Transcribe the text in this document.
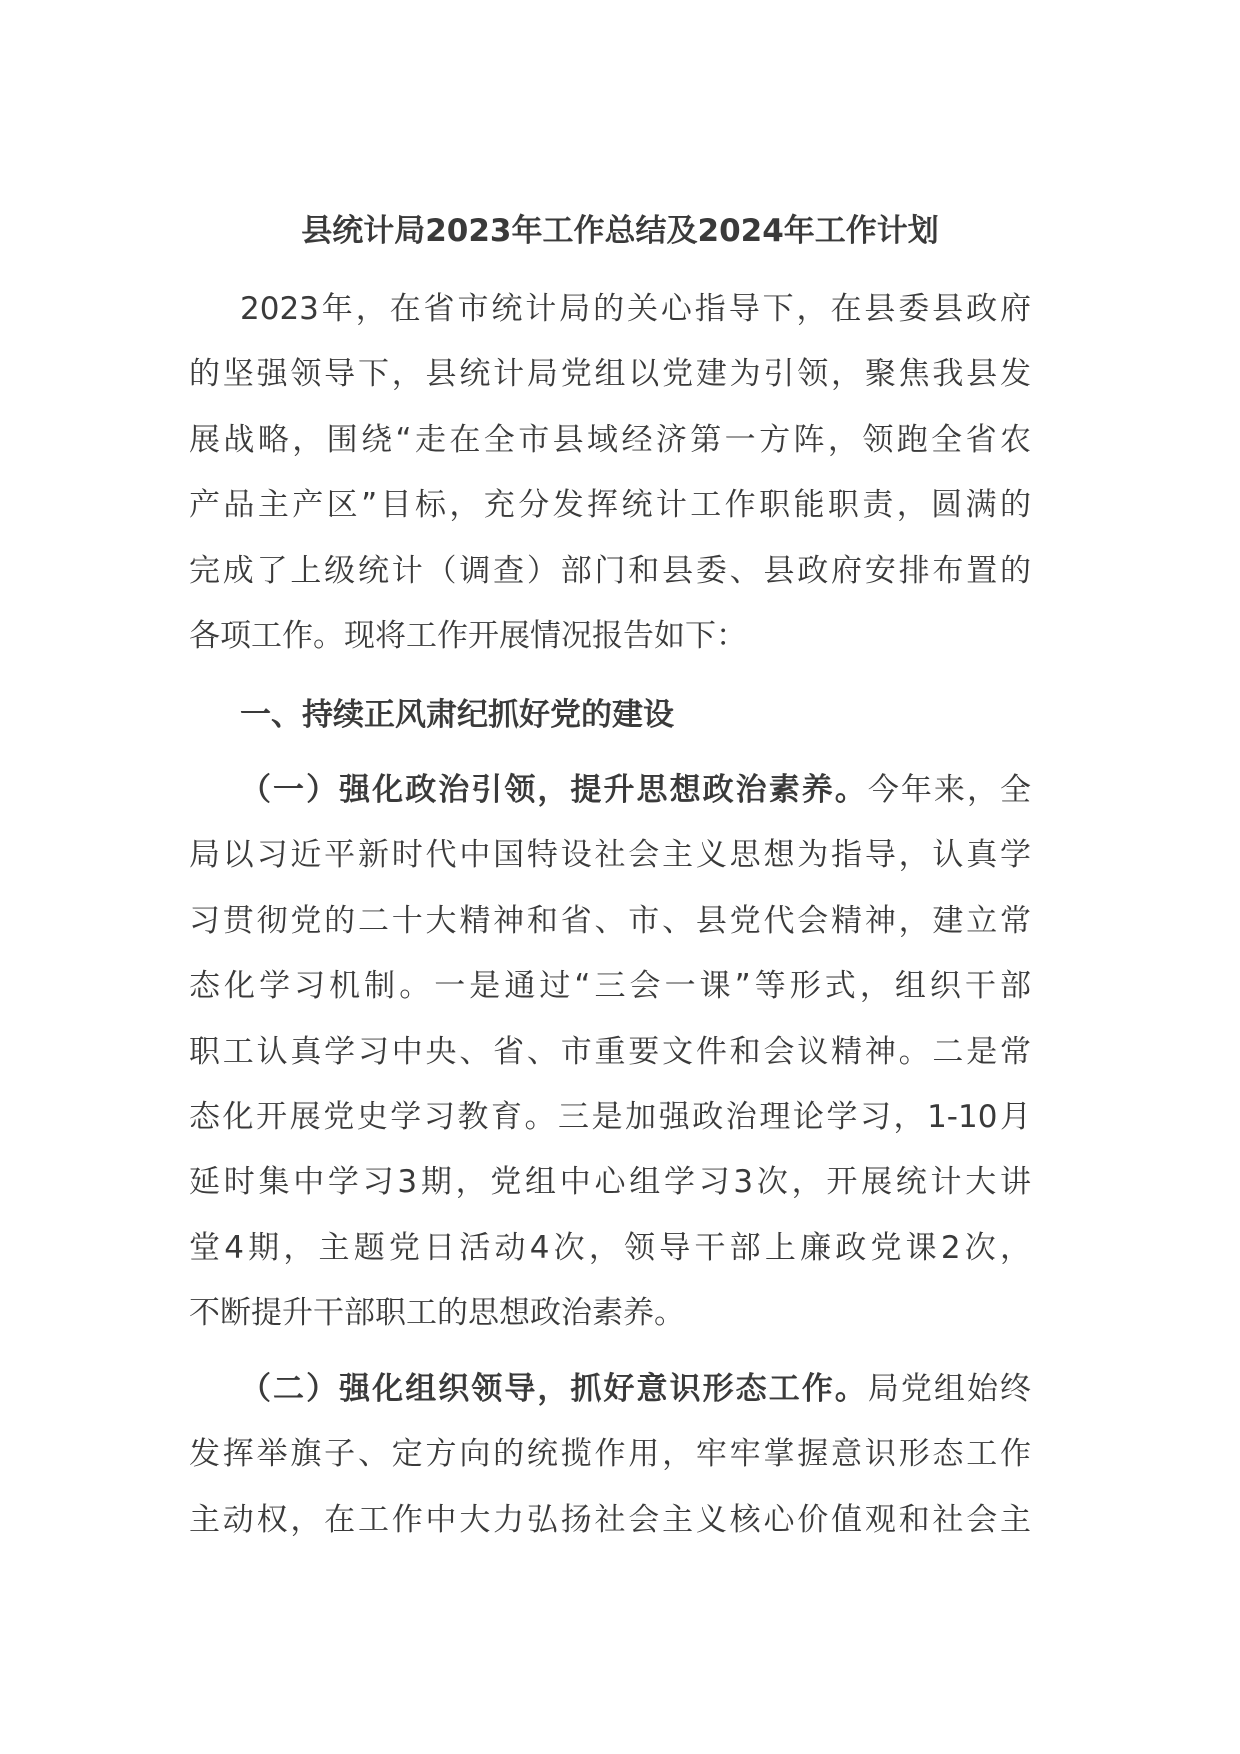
县统计局2023年工作总结及2024年工作计划
2023年，在省市统计局的关心指导下，在县委县政府
的坚强领导下，县统计局党组以党建为引领，聚焦我县发
展战略，围绕“走在全市县域经济第一方阵，领跑全省农
产品主产区”目标，充分发挥统计工作职能职责，圆满的
完成了上级统计（调查）部门和县委、县政府安排布置的
各项工作。现将工作开展情况报告如下：
一、持续正风肃纪抓好党的建设
（一）强化政治引领，提升思想政治素养。今年来，全
局以习近平新时代中国特设社会主义思想为指导，认真学
习贯彻党的二十大精神和省、市、县党代会精神，建立常
态化学习机制。一是通过“三会一课”等形式，组织干部
职工认真学习中央、省、市重要文件和会议精神。二是常
态化开展党史学习教育。三是加强政治理论学习，1-10月
延时集中学习3期，党组中心组学习3次，开展统计大讲
堂4期，主题党日活动4次，领导干部上廉政党课2次，
不断提升干部职工的思想政治素养。
（二）强化组织领导，抓好意识形态工作。局党组始终
发挥举旗子、定方向的统揽作用，牢牢掌握意识形态工作
主动权，在工作中大力弘扬社会主义核心价值观和社会主
